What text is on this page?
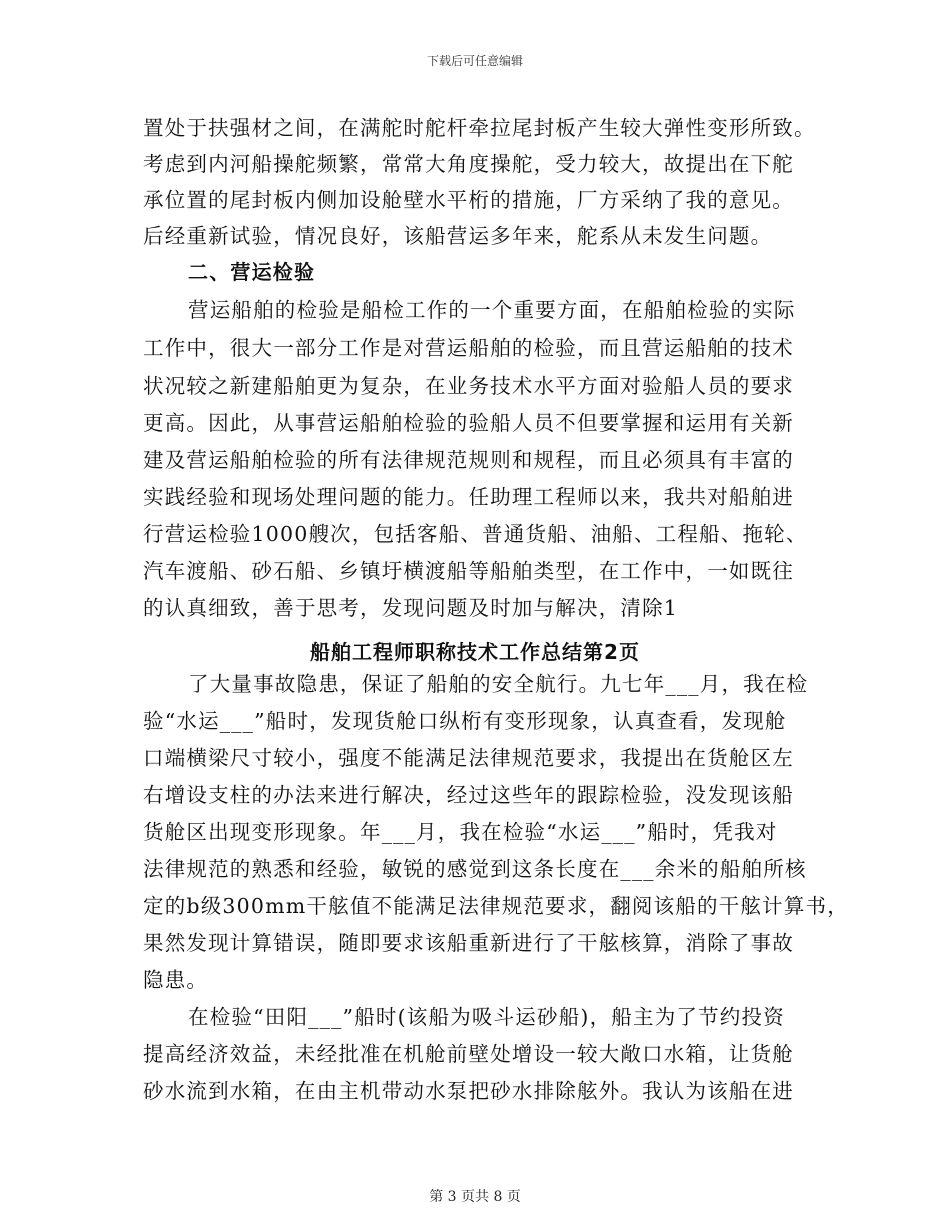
下载后可任意编辑
置处于扶强材之间，在满舵时舵杆牵拉尾封板产生较大弹性变形所致。
考虑到内河船操舵频繁，常常大角度操舵，受力较大，故提出在下舵
承位置的尾封板内侧加设舱壁水平桁的措施，厂方采纳了我的意见。
后经重新试验，情况良好，该船营运多年来，舵系从未发生问题。
二、营运检验
营运船舶的检验是船检工作的一个重要方面，在船舶检验的实际
工作中，很大一部分工作是对营运船舶的检验，而且营运船舶的技术
状况较之新建船舶更为复杂，在业务技术水平方面对验船人员的要求
更高。因此，从事营运船舶检验的验船人员不但要掌握和运用有关新
建及营运船舶检验的所有法律规范规则和规程，而且必须具有丰富的
实践经验和现场处理问题的能力。任助理工程师以来，我共对船舶进
行营运检验1000艘次，包括客船、普通货船、油船、工程船、拖轮、
汽车渡船、砂石船、乡镇圩横渡船等船舶类型，在工作中，一如既往
的认真细致，善于思考，发现问题及时加与解决，清除1
船舶工程师职称技术工作总结第2页
了大量事故隐患，保证了船舶的安全航行。九七年___月，我在检
验“水运___”船时，发现货舱口纵桁有变形现象，认真查看，发现舱
口端横梁尺寸较小，强度不能满足法律规范要求，我提出在货舱区左
右增设支柱的办法来进行解决，经过这些年的跟踪检验，没发现该船
货舱区出现变形现象。年___月，我在检验“水运___”船时，凭我对
法律规范的熟悉和经验，敏锐的感觉到这条长度在___余米的船舶所核
定的b级300mm干舷值不能满足法律规范要求，翻阅该船的干舷计算书，
果然发现计算错误，随即要求该船重新进行了干舷核算，消除了事故
隐患。
在检验“田阳___”船时(该船为吸斗运砂船)，船主为了节约投资
提高经济效益，未经批准在机舱前壁处增设一较大敞口水箱，让货舱
砂水流到水箱，在由主机带动水泵把砂水排除舷外。我认为该船在进
第 3 页共 8 页
